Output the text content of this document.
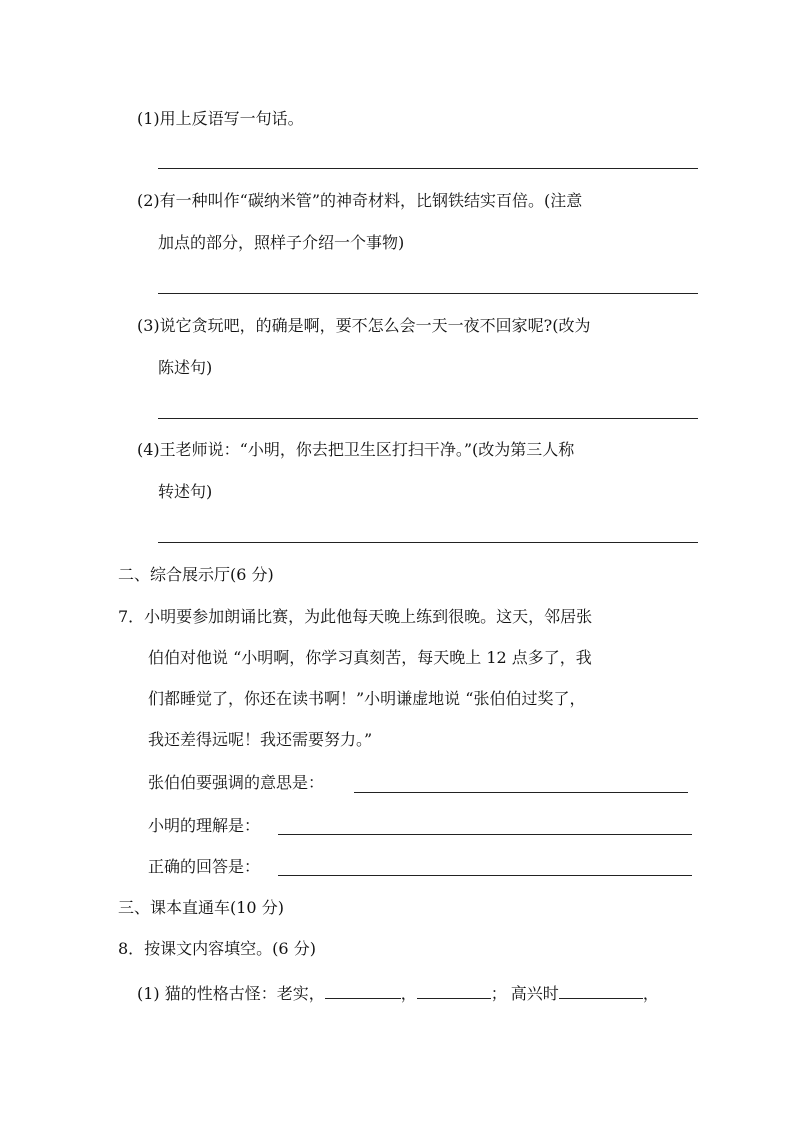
(1)用上反语写一句话。
(2)有一种叫作“碳纳米管”的神奇材料，比钢铁结实百倍。(注意
加点的部分，照样子介绍一个事物)
(3)说它贪玩吧，的确是啊，要不怎么会一天一夜不回家呢?(改为
陈述句)
(4)王老师说：“小明，你去把卫生区打扫干净。”(改为第三人称
转述句)
二、综合展示厅(6 分)
7．小明要参加朗诵比赛，为此他每天晚上练到很晚。这天，邻居张
伯伯对他说 “小明啊，你学习真刻苦，每天晚上 12 点多了，我
们都睡觉了，你还在读书啊！”小明谦虚地说 “张伯伯过奖了，
我还差得远呢！我还需要努力。”
张伯伯要强调的意思是：
小明的理解是：
正确的回答是：
三、课本直通车(10 分)
8．按课文内容填空。(6 分)
(1) 猫的性格古怪：老实，	，	； 高兴时	，
